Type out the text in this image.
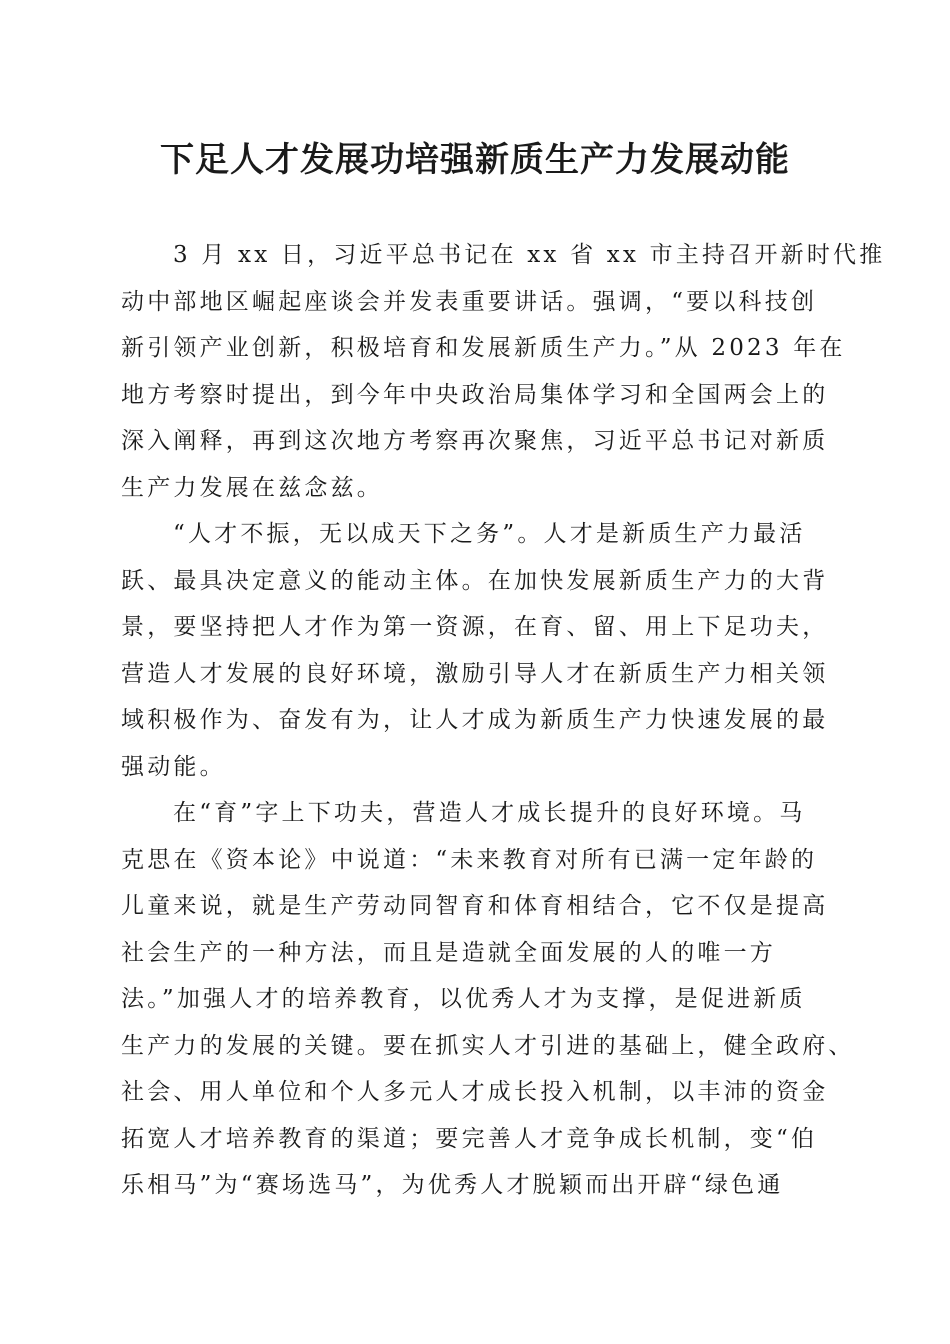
下足人才发展功培强新质生产力发展动能
3 月 xx 日，习近平总书记在 xx 省 xx 市主持召开新时代推
动中部地区崛起座谈会并发表重要讲话。强调，“要以科技创
新引领产业创新，积极培育和发展新质生产力。”从 2023 年在
地方考察时提出，到今年中央政治局集体学习和全国两会上的
深入阐释，再到这次地方考察再次聚焦，习近平总书记对新质
生产力发展在兹念兹。
“人才不振，无以成天下之务”。人才是新质生产力最活
跃、最具决定意义的能动主体。在加快发展新质生产力的大背
景，要坚持把人才作为第一资源，在育、留、用上下足功夫，
营造人才发展的良好环境，激励引导人才在新质生产力相关领
域积极作为、奋发有为，让人才成为新质生产力快速发展的最
强动能。
在“育”字上下功夫，营造人才成长提升的良好环境。马
克思在《资本论》中说道：“未来教育对所有已满一定年龄的
儿童来说，就是生产劳动同智育和体育相结合，它不仅是提高
社会生产的一种方法，而且是造就全面发展的人的唯一方
法。”加强人才的培养教育，以优秀人才为支撑，是促进新质
生产力的发展的关键。要在抓实人才引进的基础上，健全政府、
社会、用人单位和个人多元人才成长投入机制，以丰沛的资金
拓宽人才培养教育的渠道；要完善人才竞争成长机制，变“伯
乐相马”为“赛场选马”，为优秀人才脱颖而出开辟“绿色通
